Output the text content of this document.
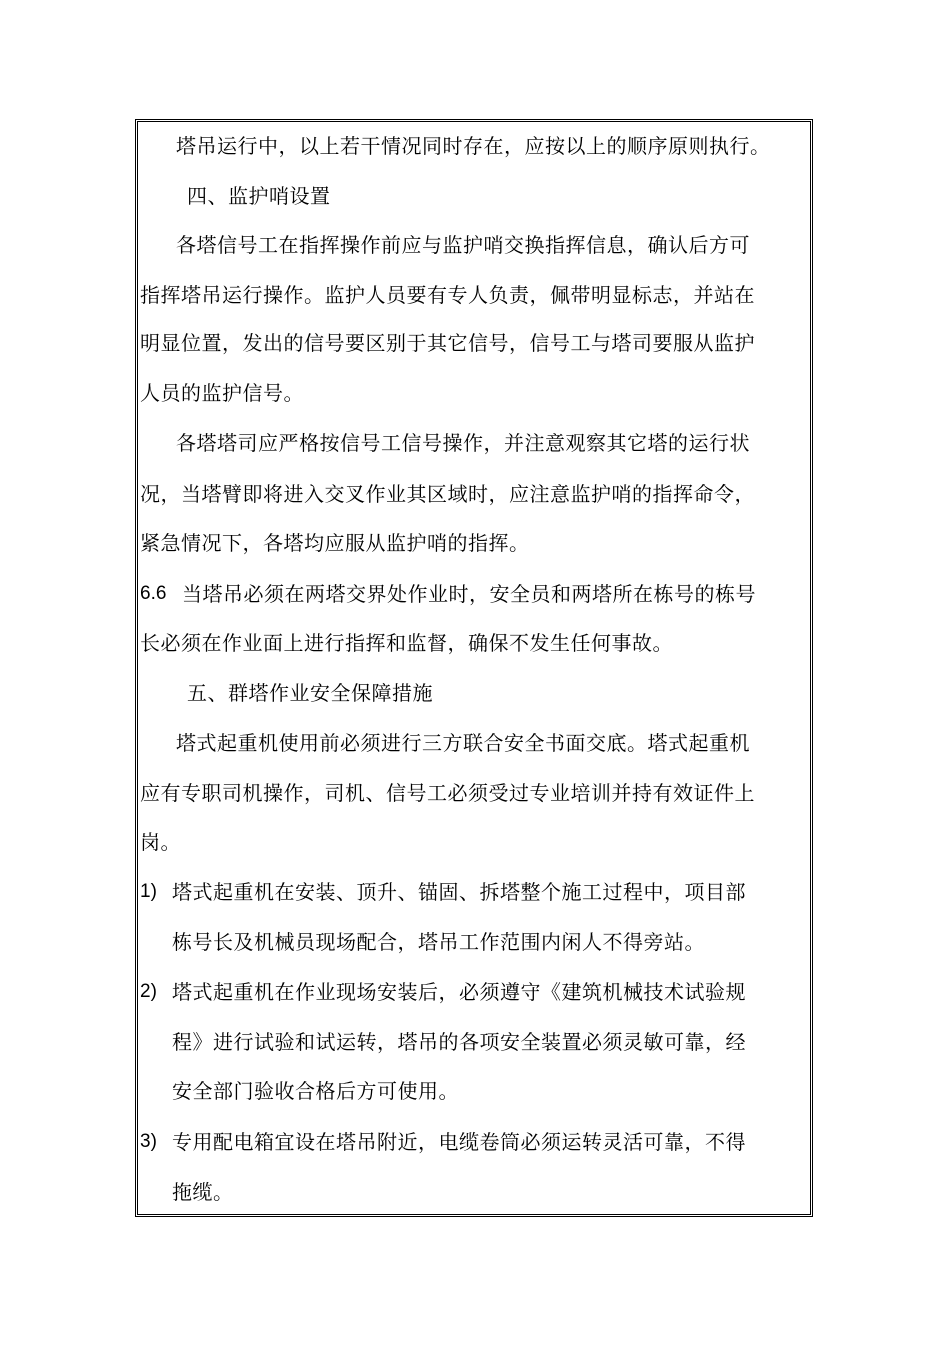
塔吊运行中，以上若干情况同时存在，应按以上的顺序原则执行。
四、监护哨设置
各塔信号工在指挥操作前应与监护哨交换指挥信息，确认后方可
指挥塔吊运行操作。监护人员要有专人负责，佩带明显标志，并站在
明显位置，发出的信号要区别于其它信号，信号工与塔司要服从监护
人员的监护信号。
各塔塔司应严格按信号工信号操作，并注意观察其它塔的运行状
况，当塔臂即将进入交叉作业其区域时，应注意监护哨的指挥命令，
紧急情况下，各塔均应服从监护哨的指挥。
6.6 当塔吊必须在两塔交界处作业时，安全员和两塔所在栋号的栋号
长必须在作业面上进行指挥和监督，确保不发生任何事故。
五、群塔作业安全保障措施
塔式起重机使用前必须进行三方联合安全书面交底。塔式起重机
应有专职司机操作，司机、信号工必须受过专业培训并持有效证件上
岗。
1) 塔式起重机在安装、顶升、锚固、拆塔整个施工过程中，项目部
栋号长及机械员现场配合，塔吊工作范围内闲人不得旁站。
2) 塔式起重机在作业现场安装后，必须遵守《建筑机械技术试验规
程》进行试验和试运转，塔吊的各项安全装置必须灵敏可靠，经
安全部门验收合格后方可使用。
3) 专用配电箱宜设在塔吊附近，电缆卷筒必须运转灵活可靠，不得
拖缆。
